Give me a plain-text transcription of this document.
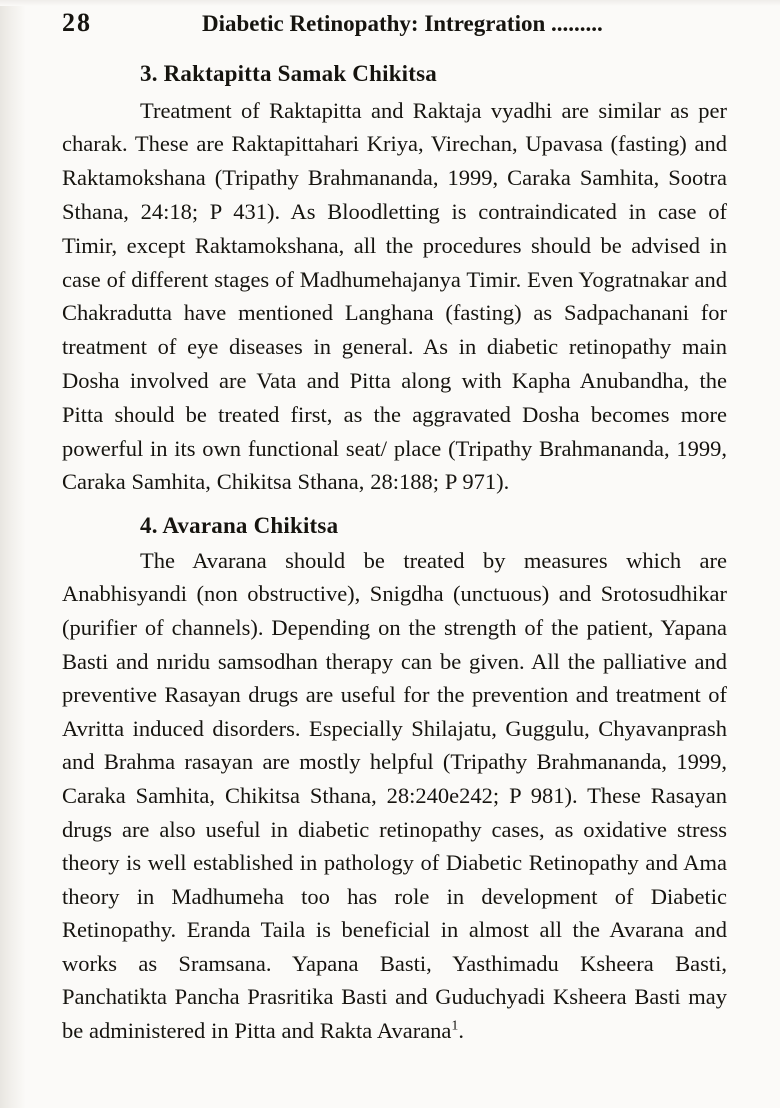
28	Diabetic Retinopathy: Intregration .........
3. Raktapitta Samak Chikitsa

Treatment of Raktapitta and Raktaja vyadhi are similar as per charak. These are Raktapittahari Kriya, Virechan, Upavasa (fasting) and Raktamokshana (Tripathy Brahmananda, 1999, Caraka Samhita, Sootra Sthana, 24:18; P 431). As Bloodletting is contraindicated in case of Timir, except Raktamokshana, all the procedures should be advised in case of different stages of Madhumehajanya Timir. Even Yogratnakar and Chakradutta have mentioned Langhana (fasting) as Sadpachanani for treatment of eye diseases in general. As in diabetic retinopathy main Dosha involved are Vata and Pitta along with Kapha Anubandha, the Pitta should be treated first, as the aggravated Dosha becomes more powerful in its own functional seat/ place (Tripathy Brahmananda, 1999, Caraka Samhita, Chikitsa Sthana, 28:188; P 971).

4. Avarana Chikitsa

The Avarana should be treated by measures which are Anabhisyandi (non obstructive), Snigdha (unctuous) and Srotosudhikar (purifier of channels). Depending on the strength of the patient, Yapana Basti and nıridu samsodhan therapy can be given. All the palliative and preventive Rasayan drugs are useful for the prevention and treatment of Avritta induced disorders. Especially Shilajatu, Guggulu, Chyavanprash and Brahma rasayan are mostly helpful (Tripathy Brahmananda, 1999, Caraka Samhita, Chikitsa Sthana, 28:240e242; P 981). These Rasayan drugs are also useful in diabetic retinopathy cases, as oxidative stress theory is well established in pathology of Diabetic Retinopathy and Ama theory in Madhumeha too has role in development of Diabetic Retinopathy. Eranda Taila is beneficial in almost all the Avarana and works as Sramsana. Yapana Basti, Yasthimadu Ksheera Basti, Panchatikta Pancha Prasritika Basti and Guduchyadi Ksheera Basti may be administered in Pitta and Rakta Avarana$^1$.
